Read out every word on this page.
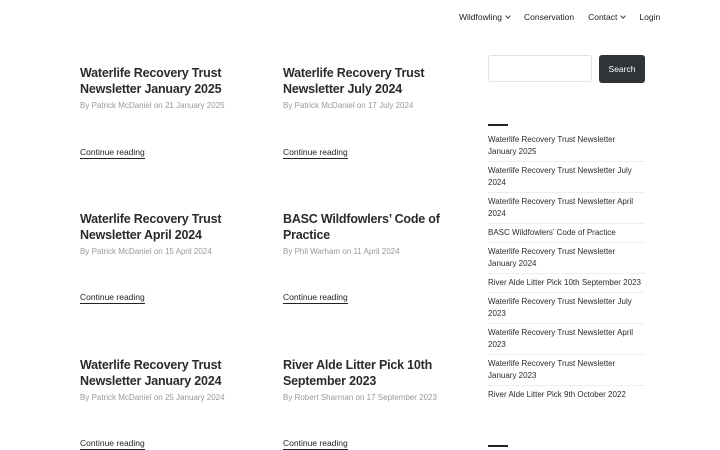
Wildfowling	Conservation Contact	Login
Waterlife Recovery Trust Newsletter January 2025
By Patrick McDaniel on 21 January 2025
Continue reading
Waterlife Recovery Trust Newsletter July 2024
By Patrick McDaniel on 17 July 2024
Continue reading
Waterlife Recovery Trust Newsletter April 2024
By Patrick McDaniel on 15 April 2024
Continue reading
BASC Wildfowlers’ Code of Practice
By Phil Warham on 11 April 2024
Continue reading
Waterlife Recovery Trust Newsletter January 2024
By Patrick McDaniel on 25 January 2024
Continue reading
River Alde Litter Pick 10th September 2023
By Robert Sharman on 17 September 2023
Continue reading
Search
Waterlife Recovery Trust Newsletter January 2025
Waterlife Recovery Trust Newsletter July 2024
Waterlife Recovery Trust Newsletter April 2024
BASC Wildfowlers’ Code of Practice
Waterlife Recovery Trust Newsletter January 2024
River Alde Litter Pick 10th September 2023
Waterlife Recovery Trust Newsletter July 2023
Waterlife Recovery Trust Newsletter April 2023
Waterlife Recovery Trust Newsletter January 2023
River Alde Litter Pick 9th October 2022
